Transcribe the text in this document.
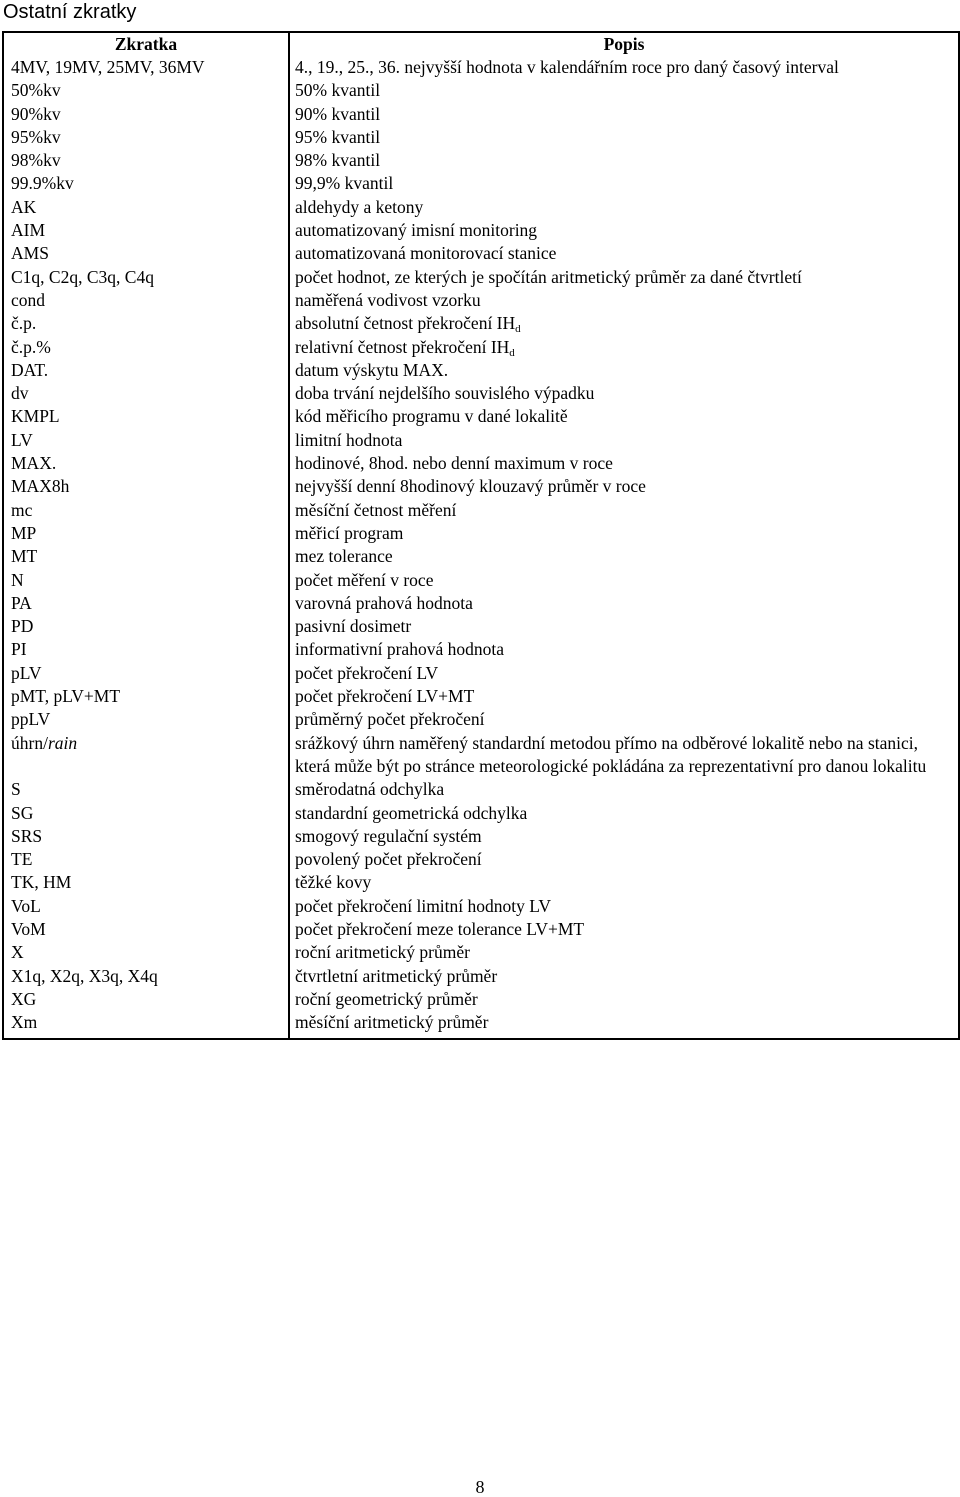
Ostatní zkratky
Zkratka	Popis
4MV, 19MV, 25MV, 36MV	4., 19., 25., 36. nejvyšší hodnota v kalendářním roce pro daný časový interval
50%kv	50% kvantil
90%kv	90% kvantil
95%kv	95% kvantil
98%kv	98% kvantil
99.9%kv	99,9% kvantil
AK	aldehydy a ketony
AIM	automatizovaný imisní monitoring
AMS	automatizovaná monitorovací stanice
C1q, C2q, C3q, C4q	počet hodnot, ze kterých je spočítán aritmetický průměr za dané čtvrtletí
cond	naměřená vodivost vzorku
č.p.	absolutní četnost překročení $IH_d$
č.p.%	relativní četnost překročení $IH_d$
DAT.	datum výskytu MAX.
dv	doba trvání nejdelšího souvislého výpadku
KMPL	kód měřicího programu v dané lokalitě
LV	limitní hodnota
MAX.	hodinové, 8hod. nebo denní maximum v roce
MAX8h	nejvyšší denní 8hodinový klouzavý průměr v roce
mc	měsíční četnost měření
MP	měřicí program
MT	mez tolerance
N	počet měření v roce
PA	varovná prahová hodnota
PD	pasivní dosimetr
PI	informativní prahová hodnota
pLV	počet překročení LV
pMT, pLV+MT	počet překročení LV+MT
ppLV	průměrný počet překročení
úhrn/rain	srážkový úhrn naměřený standardní metodou přímo na odběrové lokalitě nebo na stanici, která může být po stránce meteorologické pokládána za reprezentativní pro danou lokalitu
S	směrodatná odchylka
SG	standardní geometrická odchylka
SRS	smogový regulační systém
TE	povolený počet překročení
TK, HM	těžké kovy
VoL	počet překročení limitní hodnoty LV
VoM	počet překročení meze tolerance LV+MT
X	roční aritmetický průměr
X1q, X2q, X3q, X4q	čtvrtletní aritmetický průměr
XG	roční geometrický průměr
Xm	měsíční aritmetický průměr
8
